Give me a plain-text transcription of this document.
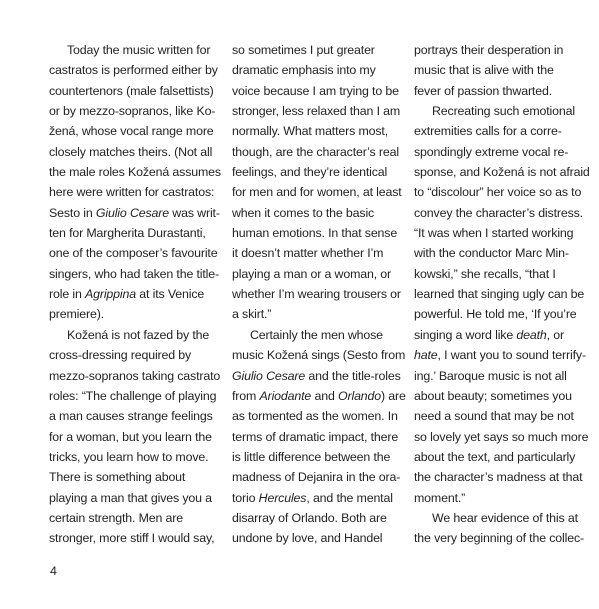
Today the music written for
castratos is performed either by
countertenors (male falsettists)
or by mezzo-sopranos, like Ko-
žená, whose vocal range more
closely matches theirs. (Not all
the male roles Kožená assumes
here were written for castratos:
Sesto in Giulio Cesare was writ-
ten for Margherita Durastanti,
one of the composer’s favourite
singers, who had taken the title-
role in Agrippina at its Venice
premiere).
Kožená is not fazed by the
cross-dressing required by
mezzo-sopranos taking castrato
roles: “The challenge of playing
a man causes strange feelings
for a woman, but you learn the
tricks, you learn how to move.
There is something about
playing a man that gives you a
certain strength. Men are
stronger, more stiff I would say,
so sometimes I put greater
dramatic emphasis into my
voice because I am trying to be
stronger, less relaxed than I am
normally. What matters most,
though, are the character’s real
feelings, and they’re identical
for men and for women, at least
when it comes to the basic
human emotions. In that sense
it doesn’t matter whether I’m
playing a man or a woman, or
whether I’m wearing trousers or
a skirt.”
Certainly the men whose
music Kožená sings (Sesto from
Giulio Cesare and the title-roles
from Ariodante and Orlando) are
as tormented as the women. In
terms of dramatic impact, there
is little difference between the
madness of Dejanira in the ora-
torio Hercules, and the mental
disarray of Orlando. Both are
undone by love, and Handel
portrays their desperation in
music that is alive with the
fever of passion thwarted.
Recreating such emotional
extremities calls for a corre-
spondingly extreme vocal re-
sponse, and Kožená is not afraid
to “discolour” her voice so as to
convey the character’s distress.
“It was when I started working
with the conductor Marc Min-
kowski,” she recalls, “that I
learned that singing ugly can be
powerful. He told me, ‘If you’re
singing a word like death, or
hate, I want you to sound terrify-
ing.’ Baroque music is not all
about beauty; sometimes you
need a sound that may be not
so lovely yet says so much more
about the text, and particularly
the character’s madness at that
moment.”
We hear evidence of this at
the very beginning of the collec-
4
